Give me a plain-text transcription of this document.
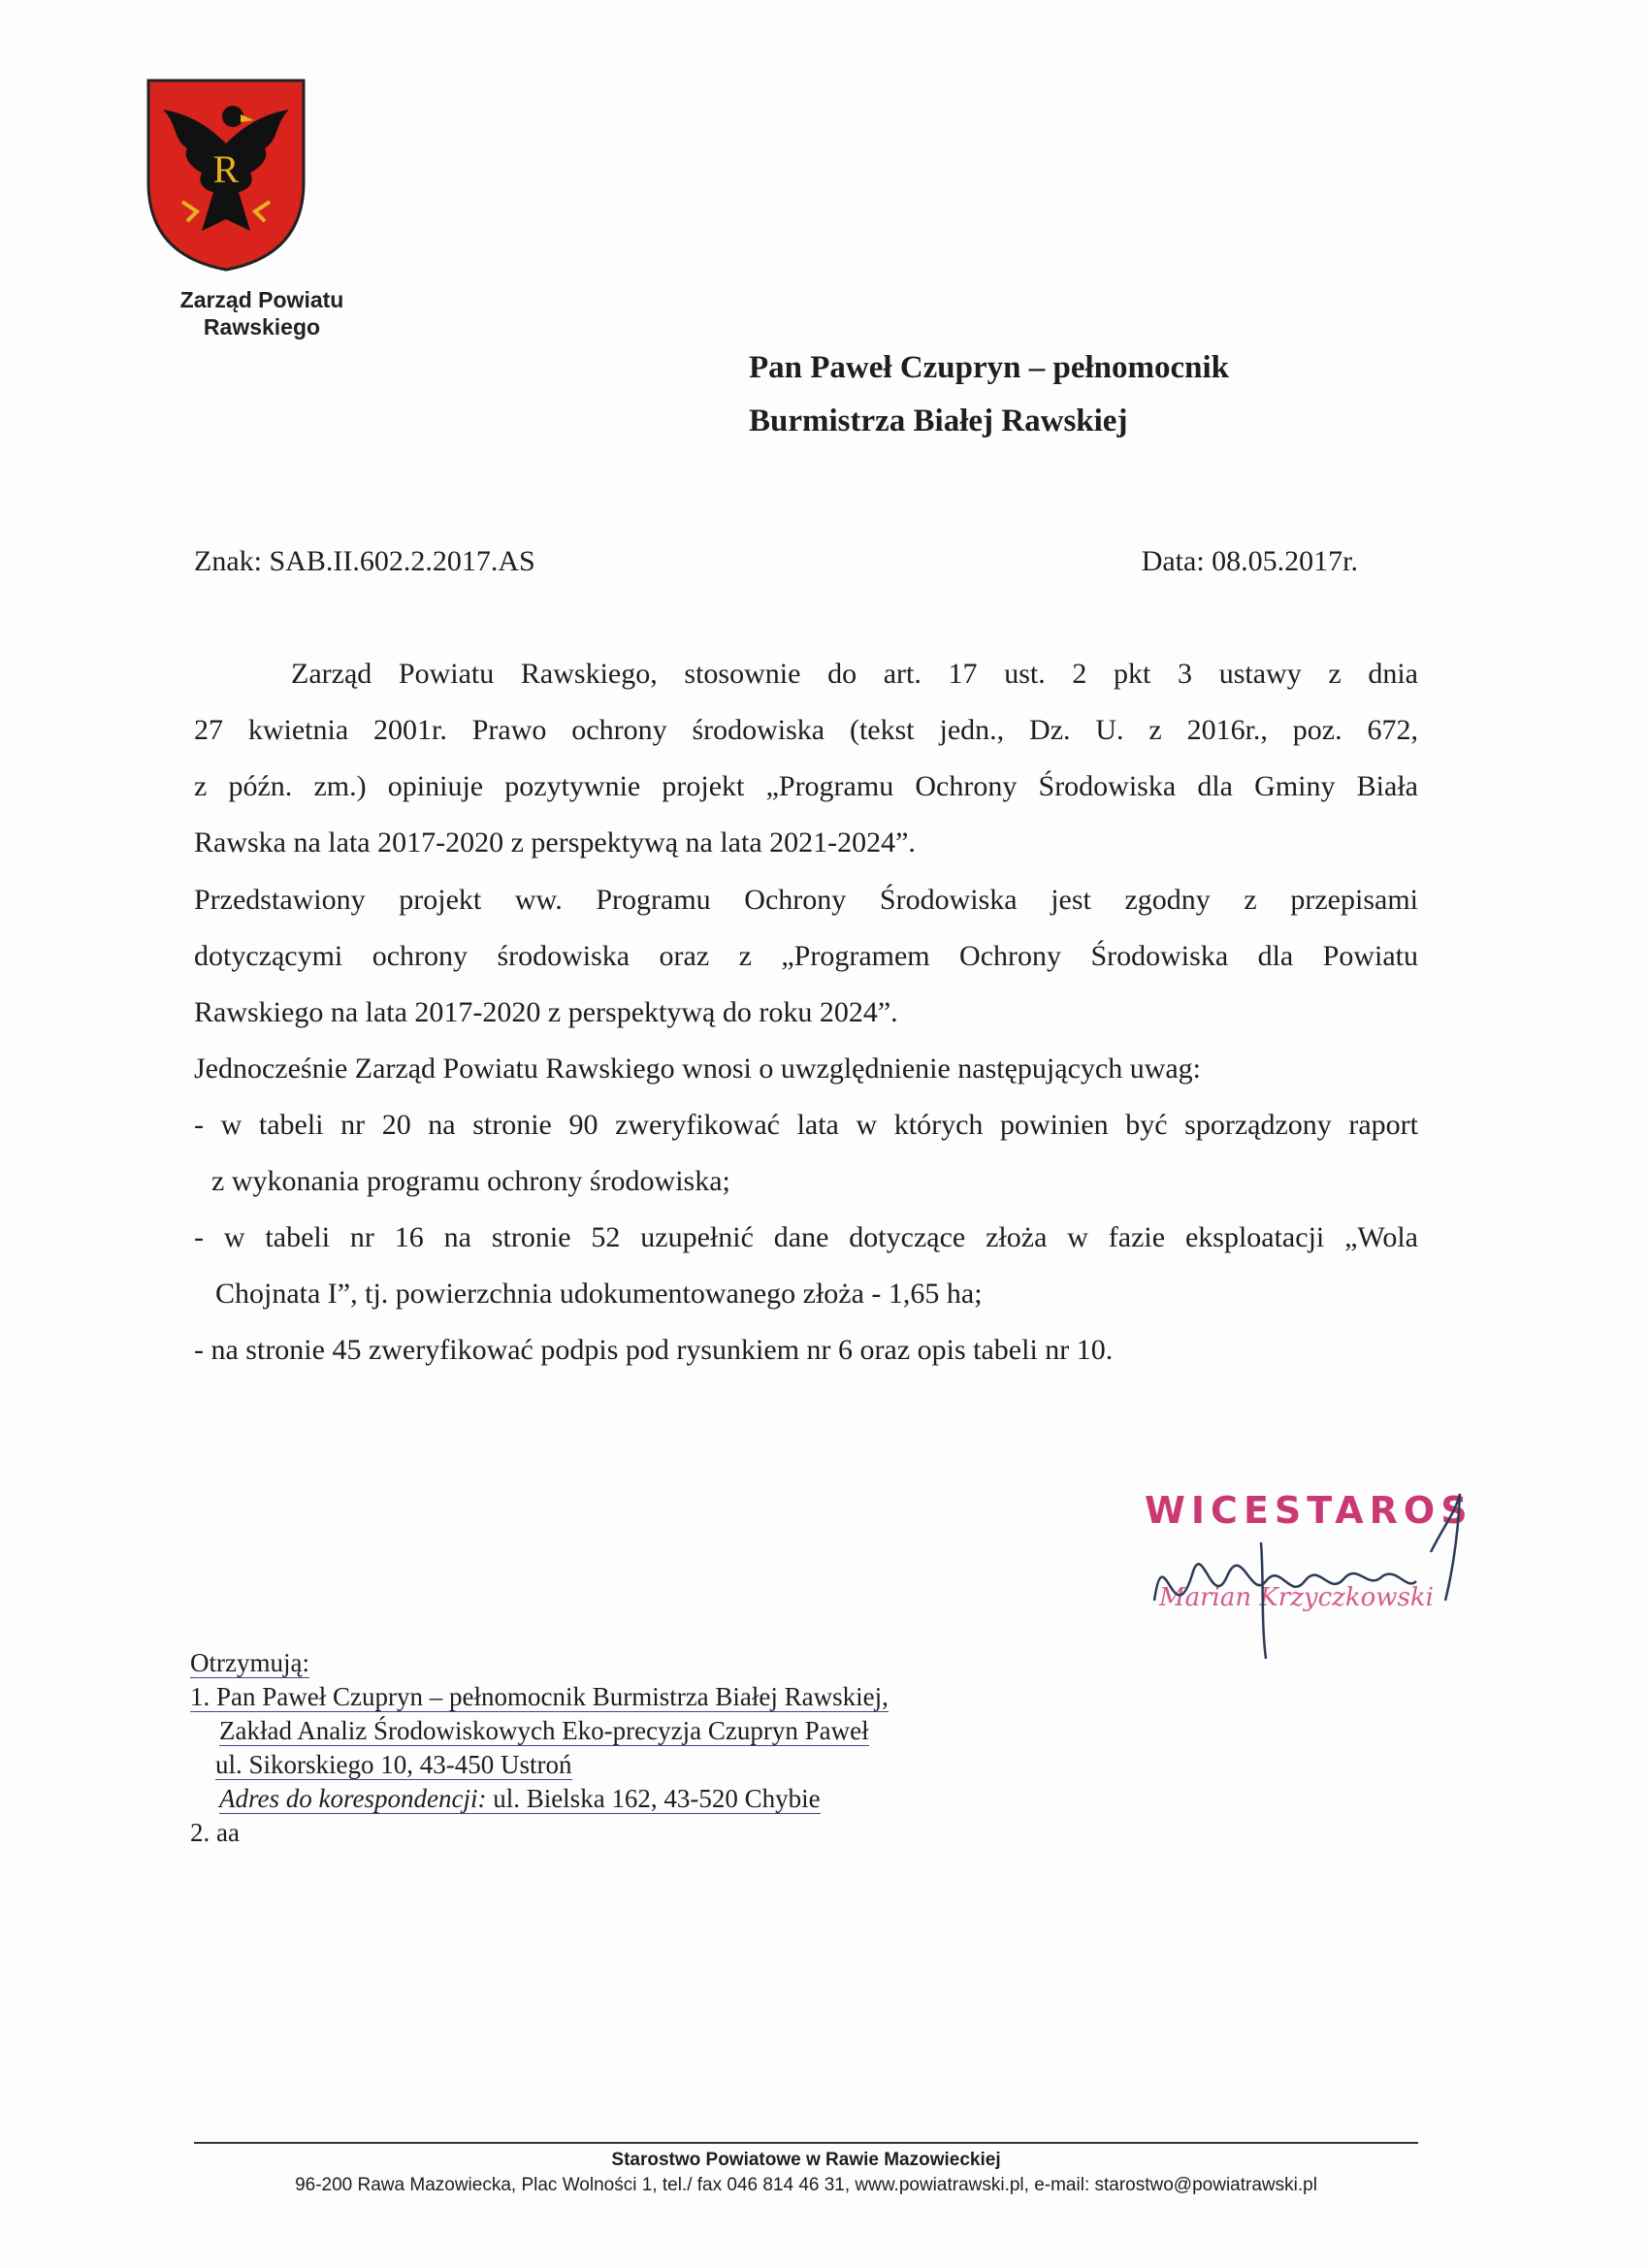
R
Zarząd Powiatu
Rawskiego
Pan Paweł Czupryn – pełnomocnik
Burmistrza Białej Rawskiej
Znak: SAB.II.602.2.2017.AS	Data: 08.05.2017r.
Zarząd Powiatu Rawskiego, stosownie do art. 17 ust. 2 pkt 3 ustawy z dnia
27 kwietnia 2001r. Prawo ochrony środowiska (tekst jedn., Dz. U. z 2016r., poz. 672,
z późn. zm.) opiniuje pozytywnie projekt „Programu Ochrony Środowiska dla Gminy Biała
Rawska na lata 2017-2020 z perspektywą na lata 2021-2024”.
Przedstawiony projekt ww. Programu Ochrony Środowiska jest zgodny z przepisami
dotyczącymi ochrony środowiska oraz z „Programem Ochrony Środowiska dla Powiatu
Rawskiego na lata 2017-2020 z perspektywą do roku 2024”.
Jednocześnie Zarząd Powiatu Rawskiego wnosi o uwzględnienie następujących uwag:
- w tabeli nr 20 na stronie 90 zweryfikować lata w których powinien być sporządzony raport
z wykonania programu ochrony środowiska;
- w tabeli nr 16 na stronie 52 uzupełnić dane dotyczące złoża w fazie eksploatacji „Wola
Chojnata I”, tj. powierzchnia udokumentowanego złoża - 1,65 ha;
- na stronie 45 zweryfikować podpis pod rysunkiem nr 6 oraz opis tabeli nr 10.
WICESTAROS
Marian Krzyczkowski
Otrzymują:
1. Pan Paweł Czupryn – pełnomocnik Burmistrza Białej Rawskiej,
Zakład Analiz Środowiskowych Eko-precyzja Czupryn Paweł
ul. Sikorskiego 10, 43-450 Ustroń
Adres do korespondencji: ul. Bielska 162, 43-520 Chybie
2. aa
Starostwo Powiatowe w Rawie Mazowieckiej
96-200 Rawa Mazowiecka, Plac Wolności 1, tel./ fax 046 814 46 31, www.powiatrawski.pl, e-mail: starostwo@powiatrawski.pl
